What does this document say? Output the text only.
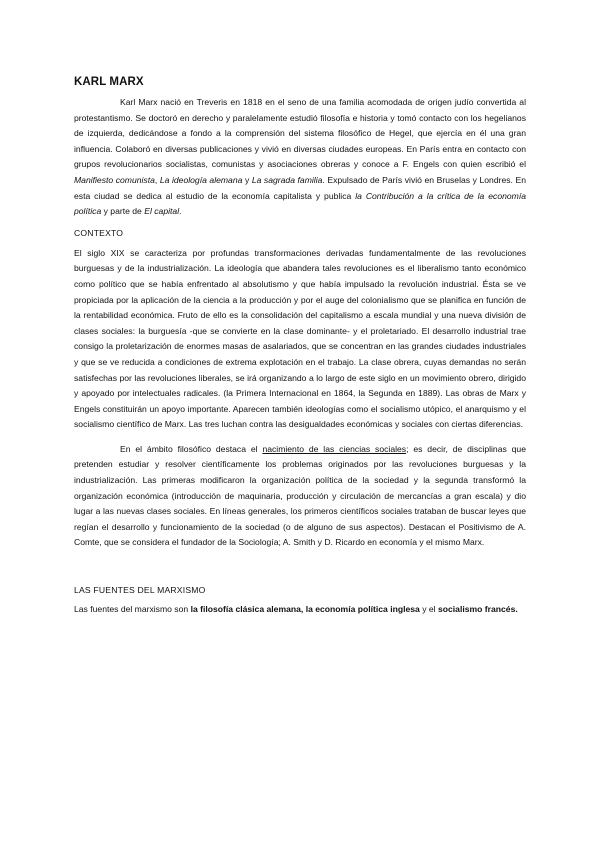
KARL MARX

Karl Marx nació en Treveris en 1818 en el seno de una familia acomodada de origen judío convertida al protestantismo. Se doctoró en derecho y paralelamente estudió filosofía e historia y tomó contacto con los hegelianos de izquierda, dedicándose a fondo a la comprensión del sistema filosófico de Hegel, que ejercía en él una gran influencia. Colaboró en diversas publicaciones y vivió en diversas ciudades europeas. En París entra en contacto con grupos revolucionarios socialistas, comunistas y asociaciones obreras y conoce a F. Engels con quien escribió el Manifiesto comunista, La ideología alemana y La sagrada familia. Expulsado de París vivió en Bruselas y Londres. En esta ciudad se dedica al estudio de la economía capitalista y publica la Contribución a la crítica de la economía política y parte de El capital.

CONTEXTO

El siglo XIX se caracteriza por profundas transformaciones derivadas fundamentalmente de las revoluciones burguesas y de la industrialización. La ideología que abandera tales revoluciones es el liberalismo tanto económico como político que se había enfrentado al absolutismo y que había impulsado la revolución industrial. Ésta se ve propiciada por la aplicación de la ciencia a la producción y por el auge del colonialismo que se planifica en función de la rentabilidad económica. Fruto de ello es la consolidación del capitalismo a escala mundial y una nueva división de clases sociales: la burguesía -que se convierte en la clase dominante- y el proletariado. El desarrollo industrial trae consigo la proletarización de enormes masas de asalariados, que se concentran en las grandes ciudades industriales y que se ve reducida a condiciones de extrema explotación en el trabajo. La clase obrera, cuyas demandas no serán satisfechas por las revoluciones liberales, se irá organizando a lo largo de este siglo en un movimiento obrero, dirigido y apoyado por intelectuales radicales. (la Primera Internacional en 1864, la Segunda en 1889). Las obras de Marx y Engels constituirán un apoyo importante. Aparecen también ideologías como el socialismo utópico, el anarquismo y el socialismo científico de Marx. Las tres luchan contra las desigualdades económicas y sociales con ciertas diferencias.

En el ámbito filosófico destaca el nacimiento de las ciencias sociales; es decir, de disciplinas que pretenden estudiar y resolver científicamente los problemas originados por las revoluciones burguesas y la industrialización. Las primeras modificaron la organización política de la sociedad y la segunda transformó la organización económica (introducción de maquinaria, producción y circulación de mercancías a gran escala) y dio lugar a las nuevas clases sociales. En líneas generales, los primeros científicos sociales trataban de buscar leyes que regían el desarrollo y funcionamiento de la sociedad (o de alguno de sus aspectos). Destacan el Positivismo de A. Comte, que se considera el fundador de la Sociología; A. Smith y D. Ricardo en economía y el mismo Marx.

LAS FUENTES DEL MARXISMO

Las fuentes del marxismo son la filosofía clásica alemana, la economía política inglesa y el socialismo francés.
